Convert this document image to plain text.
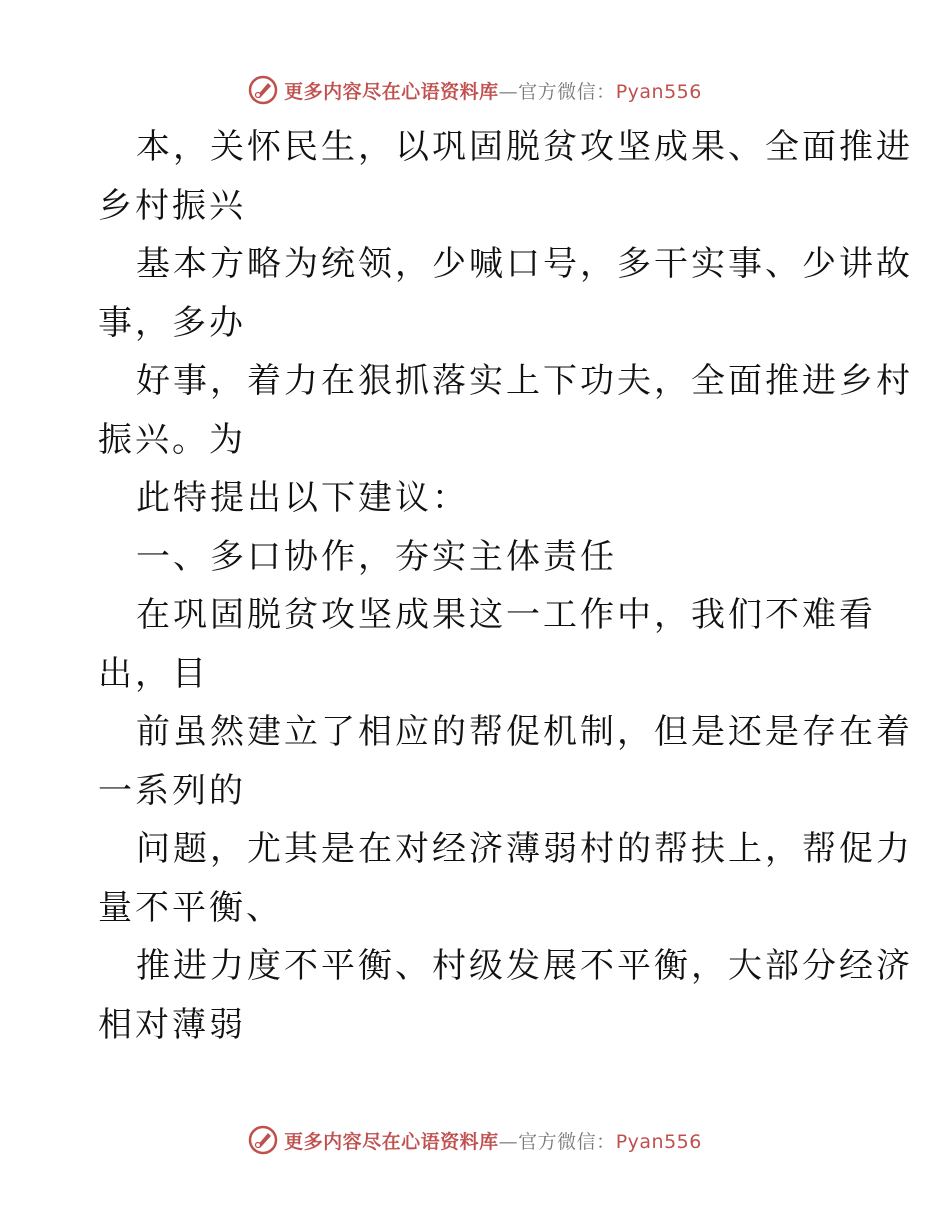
更多内容尽在心语资料库—官方微信：Pyan556
本，关怀民生，以巩固脱贫攻坚成果、全面推进
乡村振兴
基本方略为统领，少喊口号，多干实事、少讲故
事，多办
好事，着力在狠抓落实上下功夫，全面推进乡村
振兴。为
此特提出以下建议：
一、多口协作，夯实主体责任
在巩固脱贫攻坚成果这一工作中，我们不难看
出，目
前虽然建立了相应的帮促机制，但是还是存在着
一系列的
问题，尤其是在对经济薄弱村的帮扶上，帮促力
量不平衡、
推进力度不平衡、村级发展不平衡，大部分经济
相对薄弱
更多内容尽在心语资料库—官方微信：Pyan556
